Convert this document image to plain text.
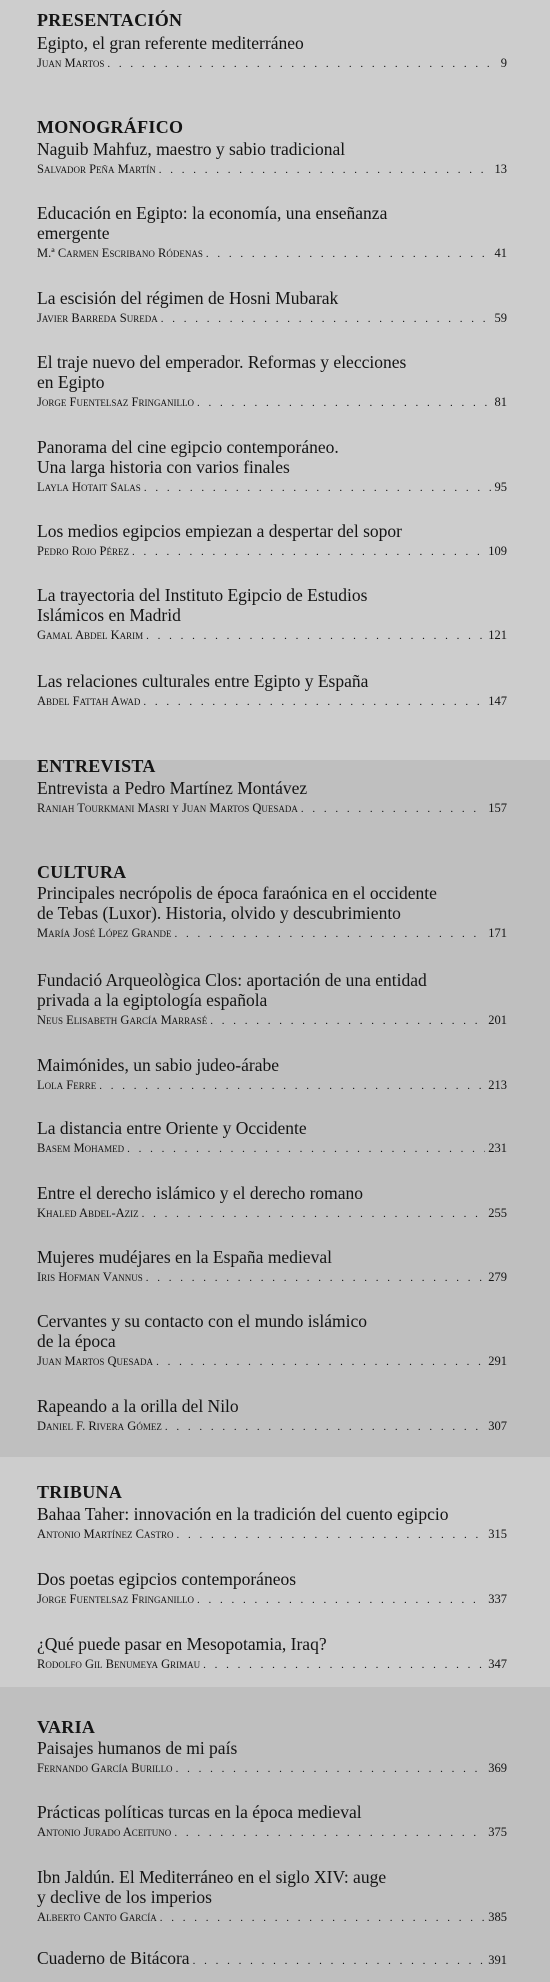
PRESENTACIÓN
Egipto, el gran referente mediterráneo
Juan Martos . . .	9
MONOGRÁFICO
Naguib Mahfuz, maestro y sabio tradicional
Salvador Peña Martín . . .	13
Educación en Egipto: la economía, una enseñanza
emergente
M.ª Carmen Escribano Ródenas . . .	41
La escisión del régimen de Hosni Mubarak
Javier Barreda Sureda . . .	59
El traje nuevo del emperador. Reformas y elecciones
en Egipto
Jorge Fuentelsaz Fringanillo . . .	81
Panorama del cine egipcio contemporáneo.
Una larga historia con varios finales
Layla Hotait Salas . . .	95
Los medios egipcios empiezan a despertar del sopor
Pedro Rojo Pérez . . .	109
La trayectoria del Instituto Egipcio de Estudios
Islámicos en Madrid
Gamal Abdel Karim . . .	121
Las relaciones culturales entre Egipto y España
Abdel Fattah Awad . . .	147
ENTREVISTA
Entrevista a Pedro Martínez Montávez
Raniah Tourkmani Masri y Juan Martos Quesada . . .	157
CULTURA
Principales necrópolis de época faraónica en el occidente
de Tebas (Luxor). Historia, olvido y descubrimiento
María José López Grande . . .	171
Fundació Arqueològica Clos: aportación de una entidad
privada a la egiptología española
Neus Elisabeth García Marrasé . . .	201
Maimónides, un sabio judeo-árabe
Lola Ferre . . .	213
La distancia entre Oriente y Occidente
Basem Mohamed . . .	231
Entre el derecho islámico y el derecho romano
Khaled Abdel-Aziz . . .	255
Mujeres mudéjares en la España medieval
Iris Hofman Vannus . . .	279
Cervantes y su contacto con el mundo islámico
de la época
Juan Martos Quesada . . .	291
Rapeando a la orilla del Nilo
Daniel F. Rivera Gómez . . .	307
TRIBUNA
Bahaa Taher: innovación en la tradición del cuento egipcio
Antonio Martínez Castro . . .	315
Dos poetas egipcios contemporáneos
Jorge Fuentelsaz Fringanillo . . .	337
¿Qué puede pasar en Mesopotamia, Iraq?
Rodolfo Gil Benumeya Grimau . . .	347
VARIA
Paisajes humanos de mi país
Fernando García Burillo . . .	369
Prácticas políticas turcas en la época medieval
Antonio Jurado Aceituno . . .	375
Ibn Jaldún. El Mediterráneo en el siglo XIV: auge
y declive de los imperios
Alberto Canto García . . .	385
Cuaderno de Bitácora . . .	391
